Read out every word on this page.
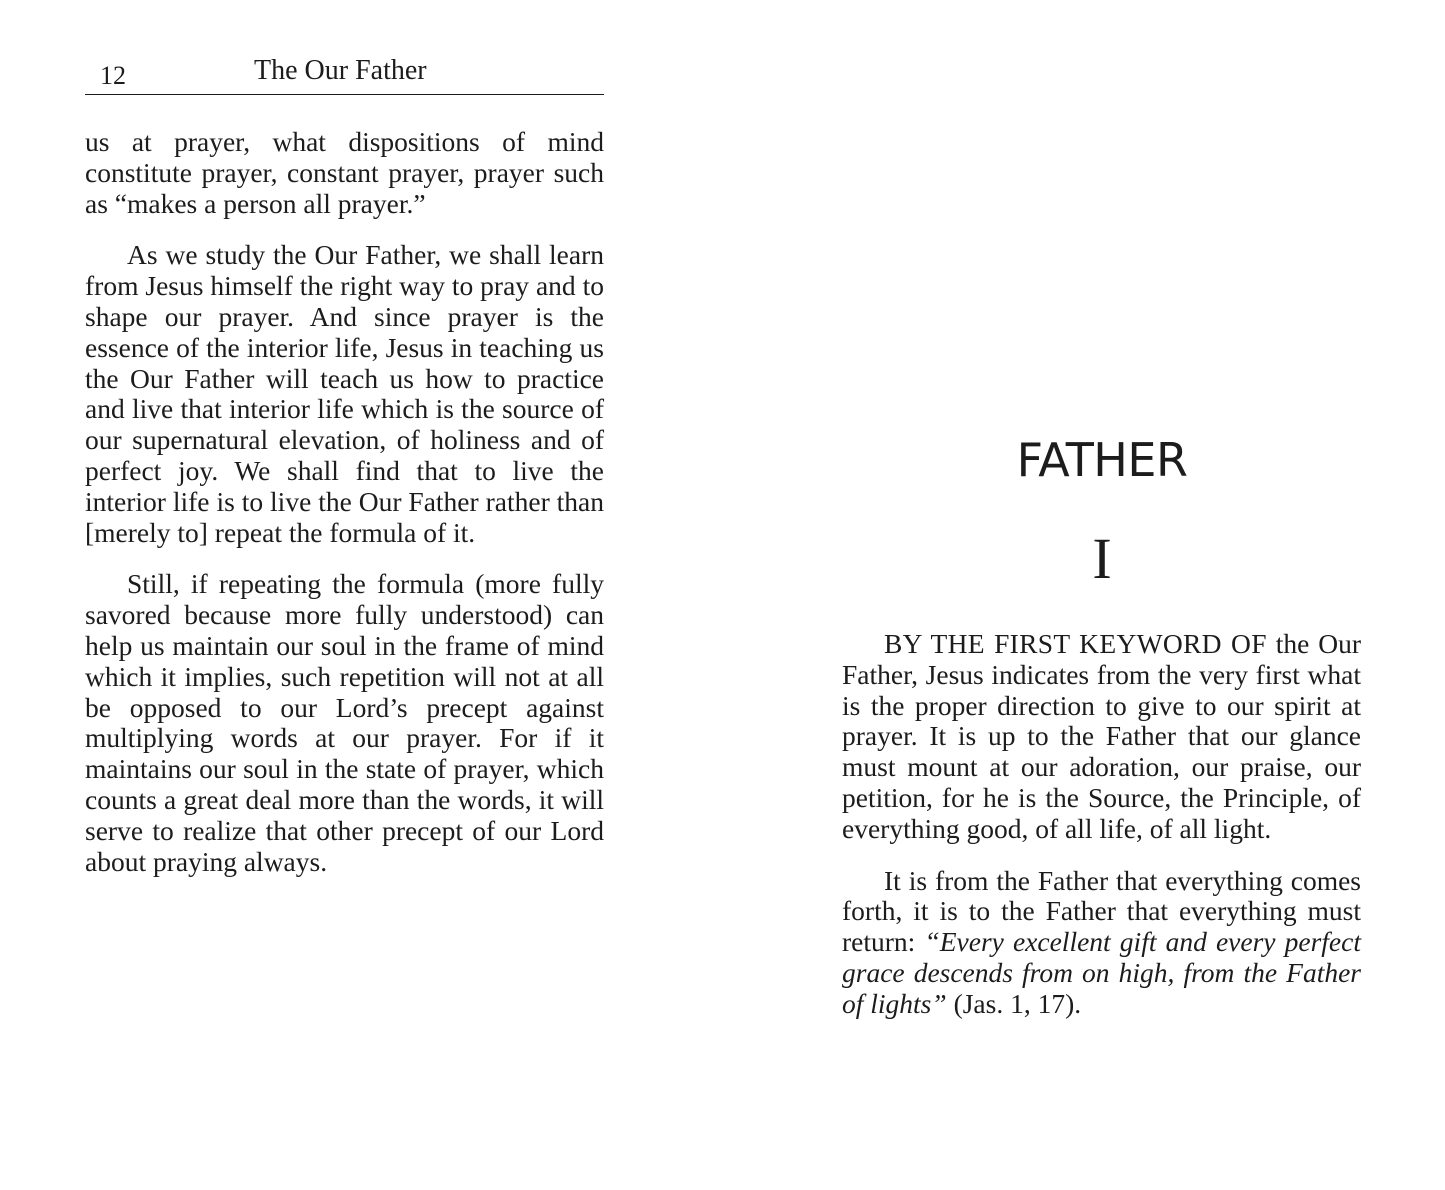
12	The Our Father

us at prayer, what dispositions of mind constitute prayer, constant prayer, prayer such as “makes a person all prayer.”

As we study the Our Father, we shall learn from Jesus himself the right way to pray and to shape our prayer. And since prayer is the essence of the interior life, Jesus in teaching us the Our Father will teach us how to practice and live that interior life which is the source of our supernatural elevation, of holiness and of perfect joy. We shall find that to live the interior life is to live the Our Father rather than [merely to] repeat the formula of it.

Still, if repeating the formula (more fully savored because more fully understood) can help us maintain our soul in the frame of mind which it implies, such repetition will not at all be opposed to our Lord’s precept against multiplying words at our prayer. For if it maintains our soul in the state of prayer, which counts a great deal more than the words, it will serve to realize that other precept of our Lord about praying always.

FATHER
I

BY THE FIRST KEYWORD OF the Our Father, Jesus indicates from the very first what is the proper direction to give to our spirit at prayer. It is up to the Father that our glance must mount at our adoration, our praise, our petition, for he is the Source, the Principle, of everything good, of all life, of all light.

It is from the Father that everything comes forth, it is to the Father that everything must return: “Every excellent gift and every perfect grace descends from on high, from the Father of lights” (Jas. 1, 17).
